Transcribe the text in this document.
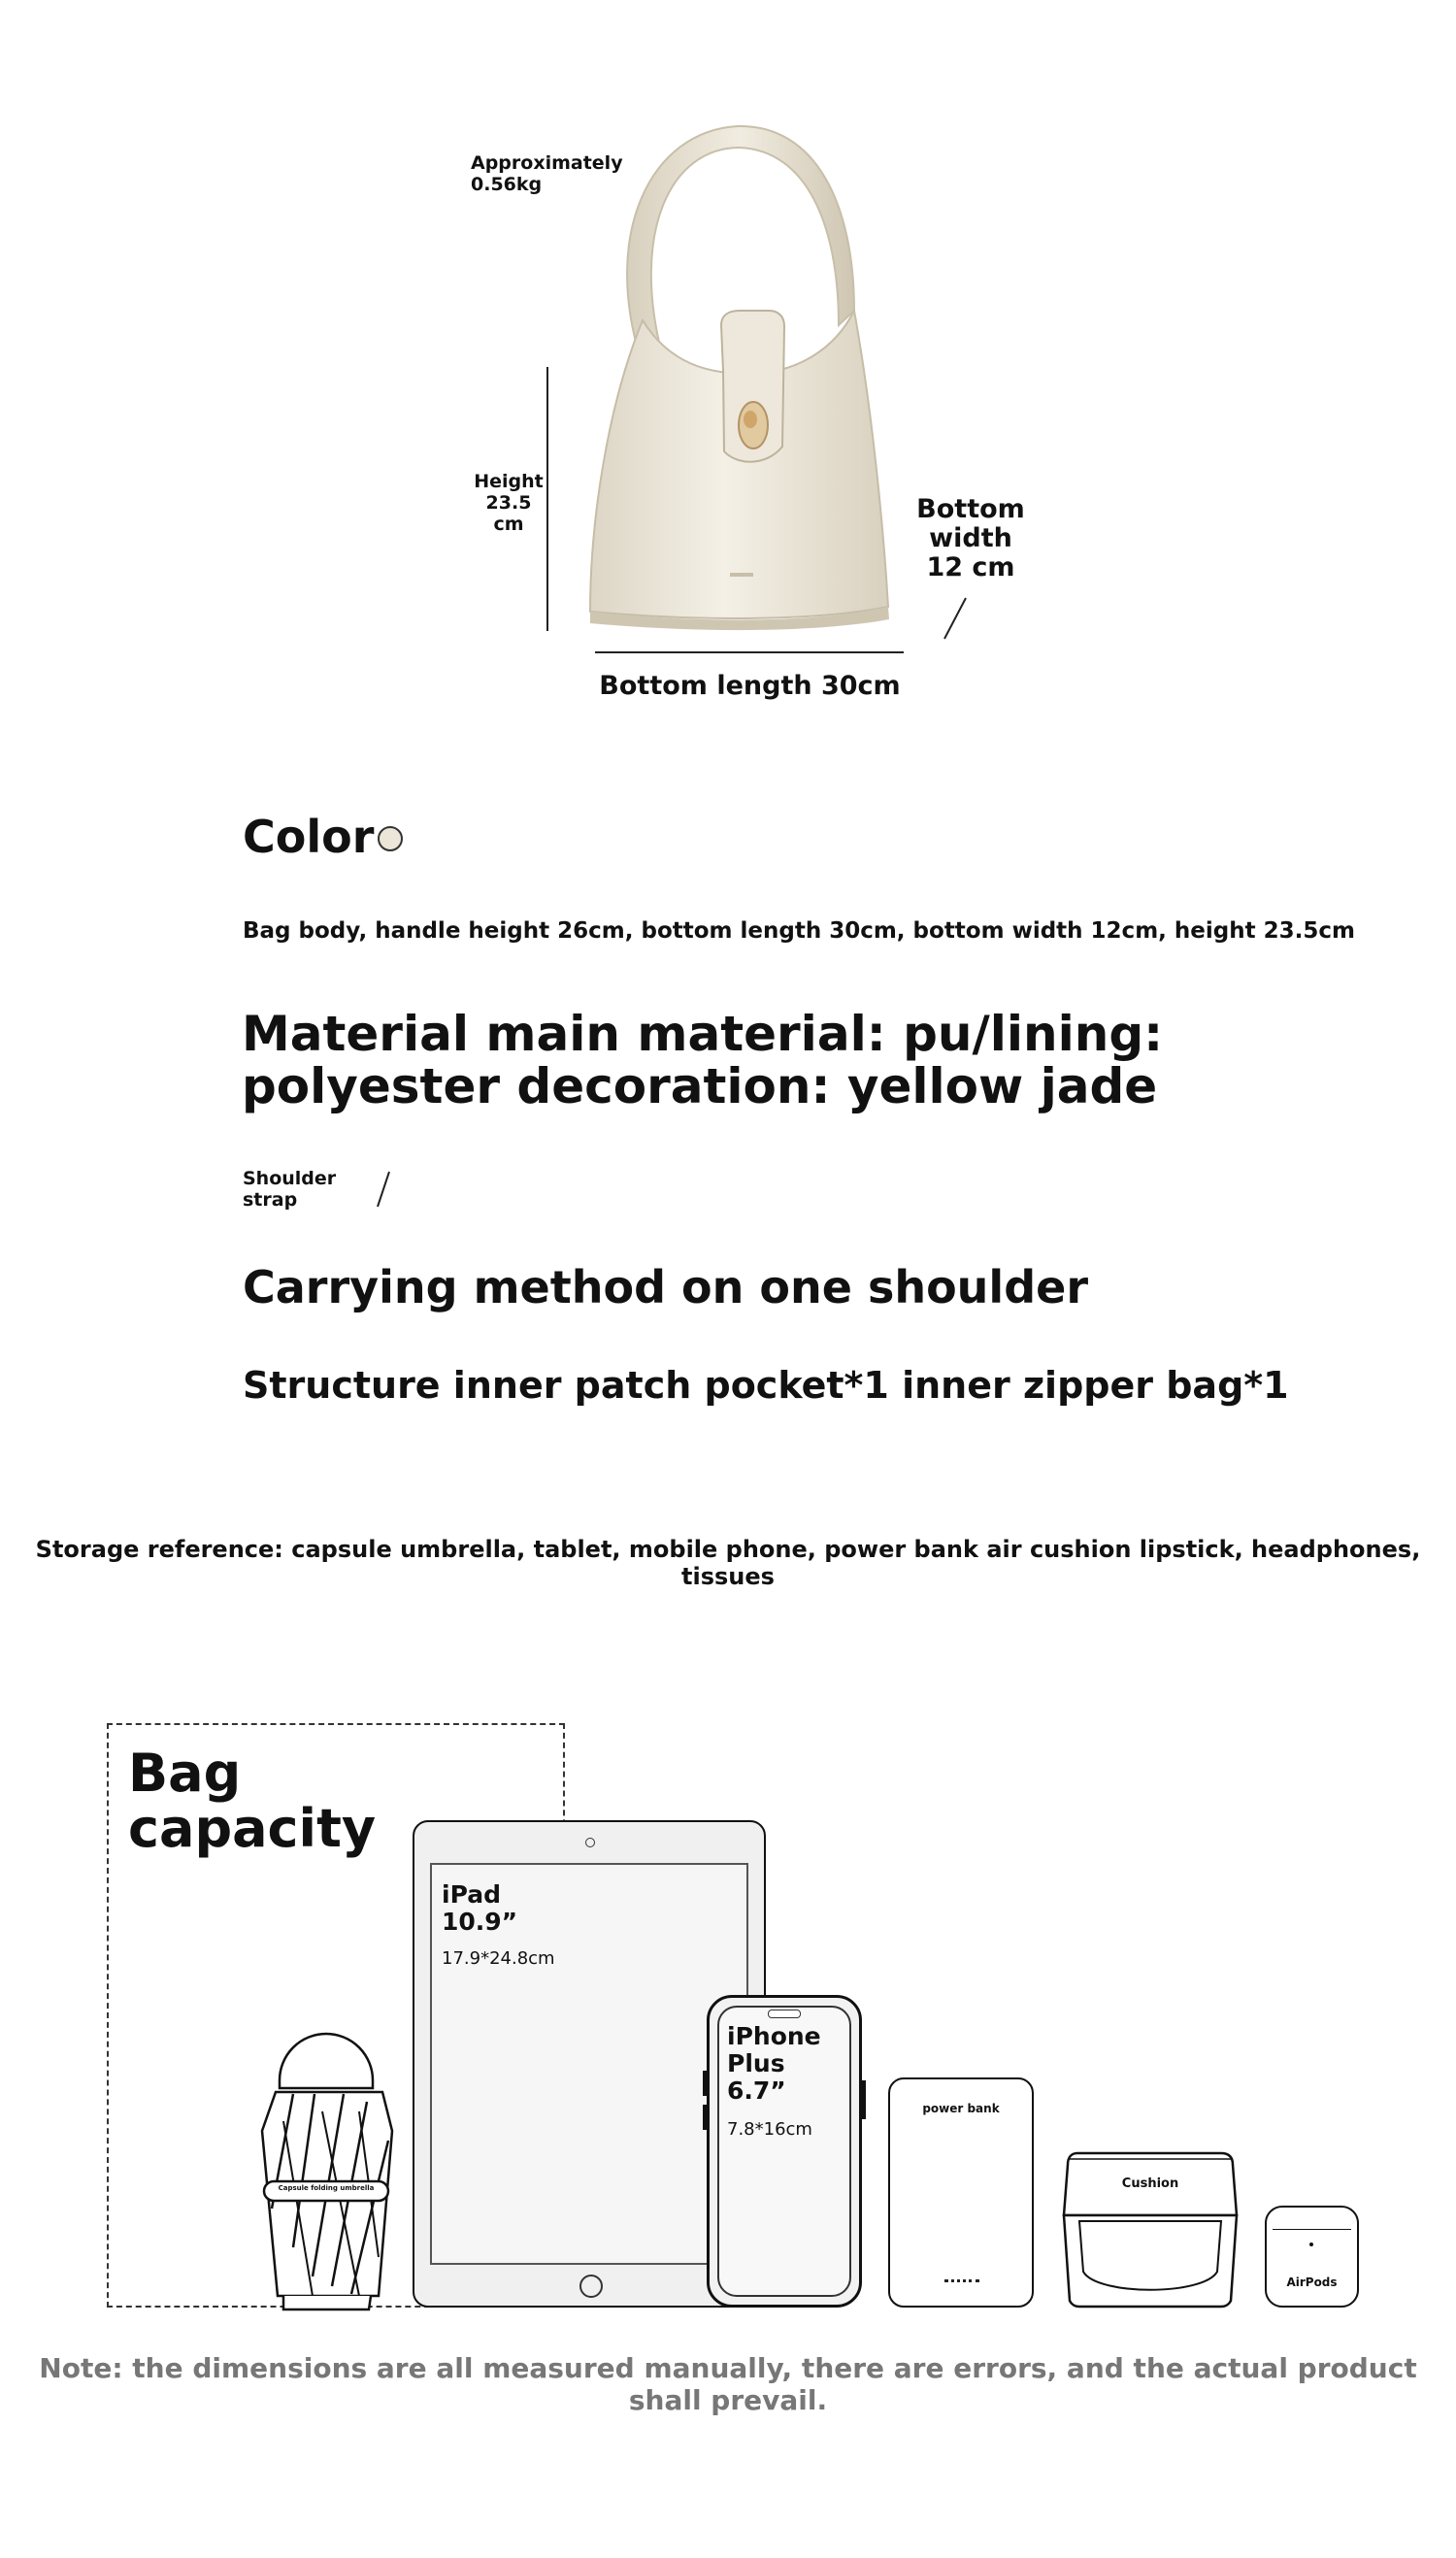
Approximately 0.56kg
Height 23.5 cm	Bottom width 12 cm
Bottom length 30cm
Color
Bag body, handle height 26cm, bottom length 30cm, bottom width 12cm, height 23.5cm
Material main material: pu/lining:
polyester decoration: yellow jade
Shoulder strap
Carrying method on one shoulder
Structure inner patch pocket*1 inner zipper bag*1
Storage reference: capsule umbrella, tablet, mobile phone, power bank air cushion lipstick, headphones, tissues
Bag
capacity
Capsule folding umbrella
iPad
10.9”
17.9*24.8cm
iPhone
Plus
6.7”
7.8*16cm
power bank
Cushion
AirPods
Note: the dimensions are all measured manually, there are errors, and the actual product shall prevail.
